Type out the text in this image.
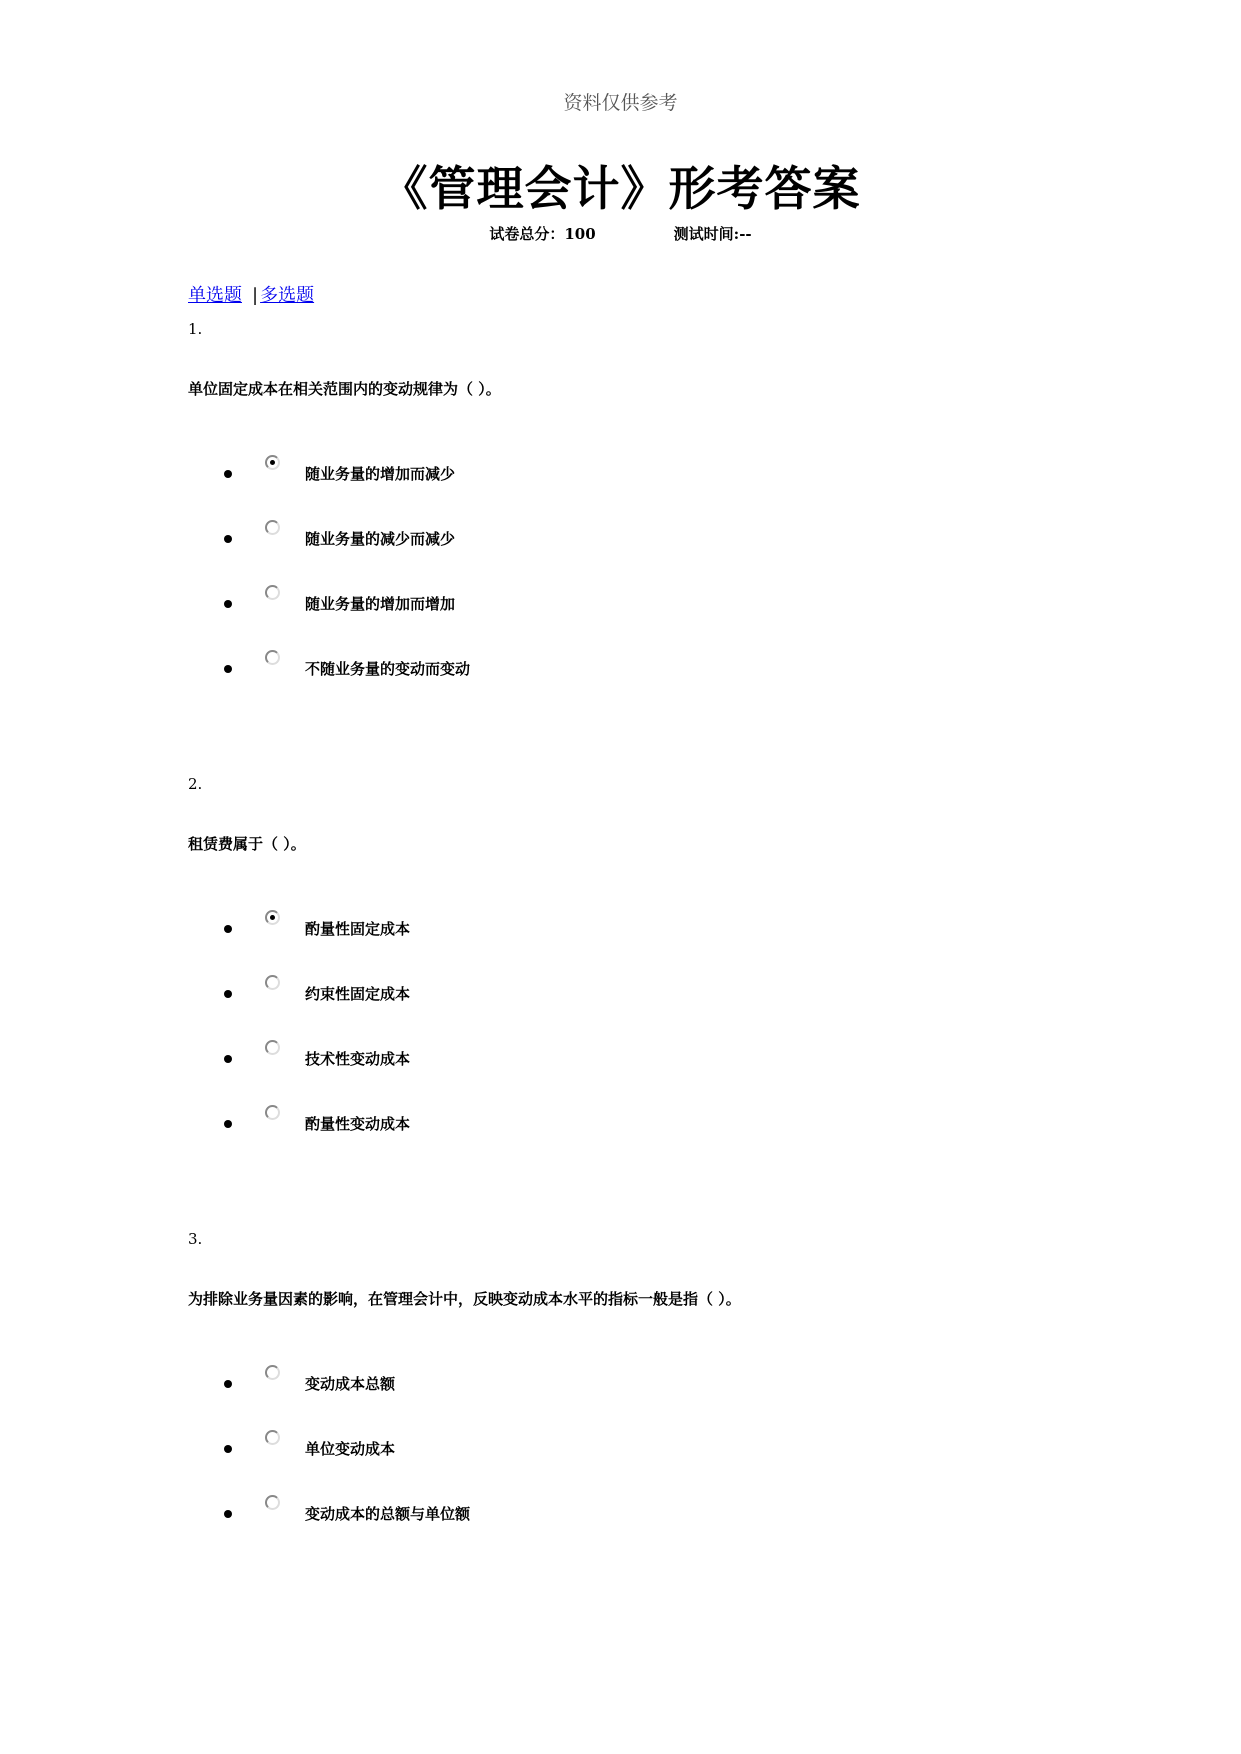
资料仅供参考
《管理会计》形考答案
试卷总分：100	测试时间:--
单选题 | 多选题
1.
单位固定成本在相关范围内的变动规律为（ ）。
随业务量的增加而减少
随业务量的减少而减少
随业务量的增加而增加
不随业务量的变动而变动
2.
租赁费属于（ ）。
酌量性固定成本
约束性固定成本
技术性变动成本
酌量性变动成本
3.
为排除业务量因素的影响，在管理会计中，反映变动成本水平的指标一般是指（ ）。
变动成本总额
单位变动成本
变动成本的总额与单位额
